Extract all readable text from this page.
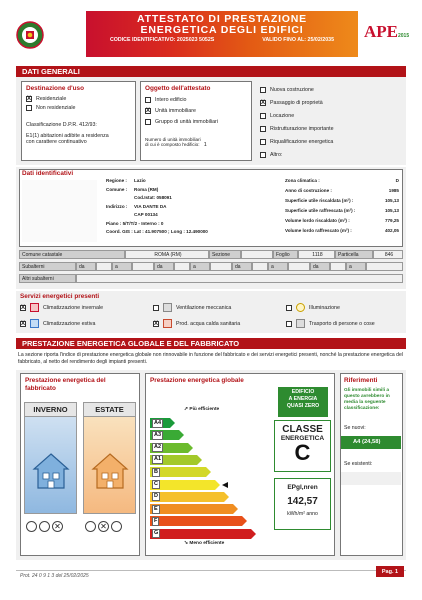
ATTESTATO DI PRESTAZIONE
ENERGETICA DEGLI EDIFICI
CODICE IDENTIFICATIVO: 2025023 5052S	VALIDO FINO AL: 25/02/2035 APE2015
DATI GENERALI
Destinazione d'uso
X Residenziale
Non residenziale
Classificazione D.P.R. 412/93:
E1(1) abitazioni adibite a residenza
con carattere continuativo
Oggetto dell'attestato
Intero edificio
X Unità immobiliare
Gruppo di unità immobiliari
Numero di unità immobiliari
di cui è composto l'edificio: 1
Nuova costruzione
X Passaggio di proprietà
Locazione
Ristrutturazione importante
Riqualificazione energetica
Altro:
Dati identificativi
Regione :	Lazio
Comune :	Roma (RM)
Cod.Istat: 058091
Indirizzo :	VIA DANTE DA
CAP 00134
Piano : 5/T/T/2 - Interno : 0
Coord. GIS : Lat : 41.907500 ; Long : 12.490000
Zona climatica :	D
Anno di costruzione :	1985
Superficie utile riscaldata (m²) :	105,13
Superficie utile raffrescata (m²) :	105,13
Volume lordo riscaldato (m³) :	779,25
Volume lordo raffrescato (m³) :	402,05
Comune catastale	ROMA (RM)	Sezione	Foglio	1118	Particella	846
Subalterni	da	a	da	a	da	a	da	a
Altri subalterni
Servizi energetici presenti
X	Climatizzazione invernale	Ventilazione meccanica	Illuminazione
X	Climatizzazione estiva	X	Prod. acqua calda sanitaria	Trasporto di persone o cose
PRESTAZIONE ENERGETICA GLOBALE E DEL FABBRICATO
La sezione riporta l'indice di prestazione energetica globale non rinnovabile in funzione del fabbricato e dei servizi energetici presenti, nonché la prestazione energetica del fabbricato, al netto del rendimento degli impianti presenti.
Prestazione energetica del
fabbricato
INVERNO	ESTATE
✕	✕
Prestazione energetica globale
➚ Più efficiente
A4
A3
A2
A1
B
C
D
E
F
G
➘ Meno efficiente
EDIFICIO
A ENERGIA
QUASI ZERO
CLASSE
ENERGETICA
C
EPgl,nren
142,57
kWh/m² anno
Riferimenti
Gli immobili simili a questo avrebbero in media la seguente classificazione:
Se nuovi:
A4 (24,58)
Se esistenti:
Prot. 24 0 9 1 3 del 25/02/2025
Pag. 1
